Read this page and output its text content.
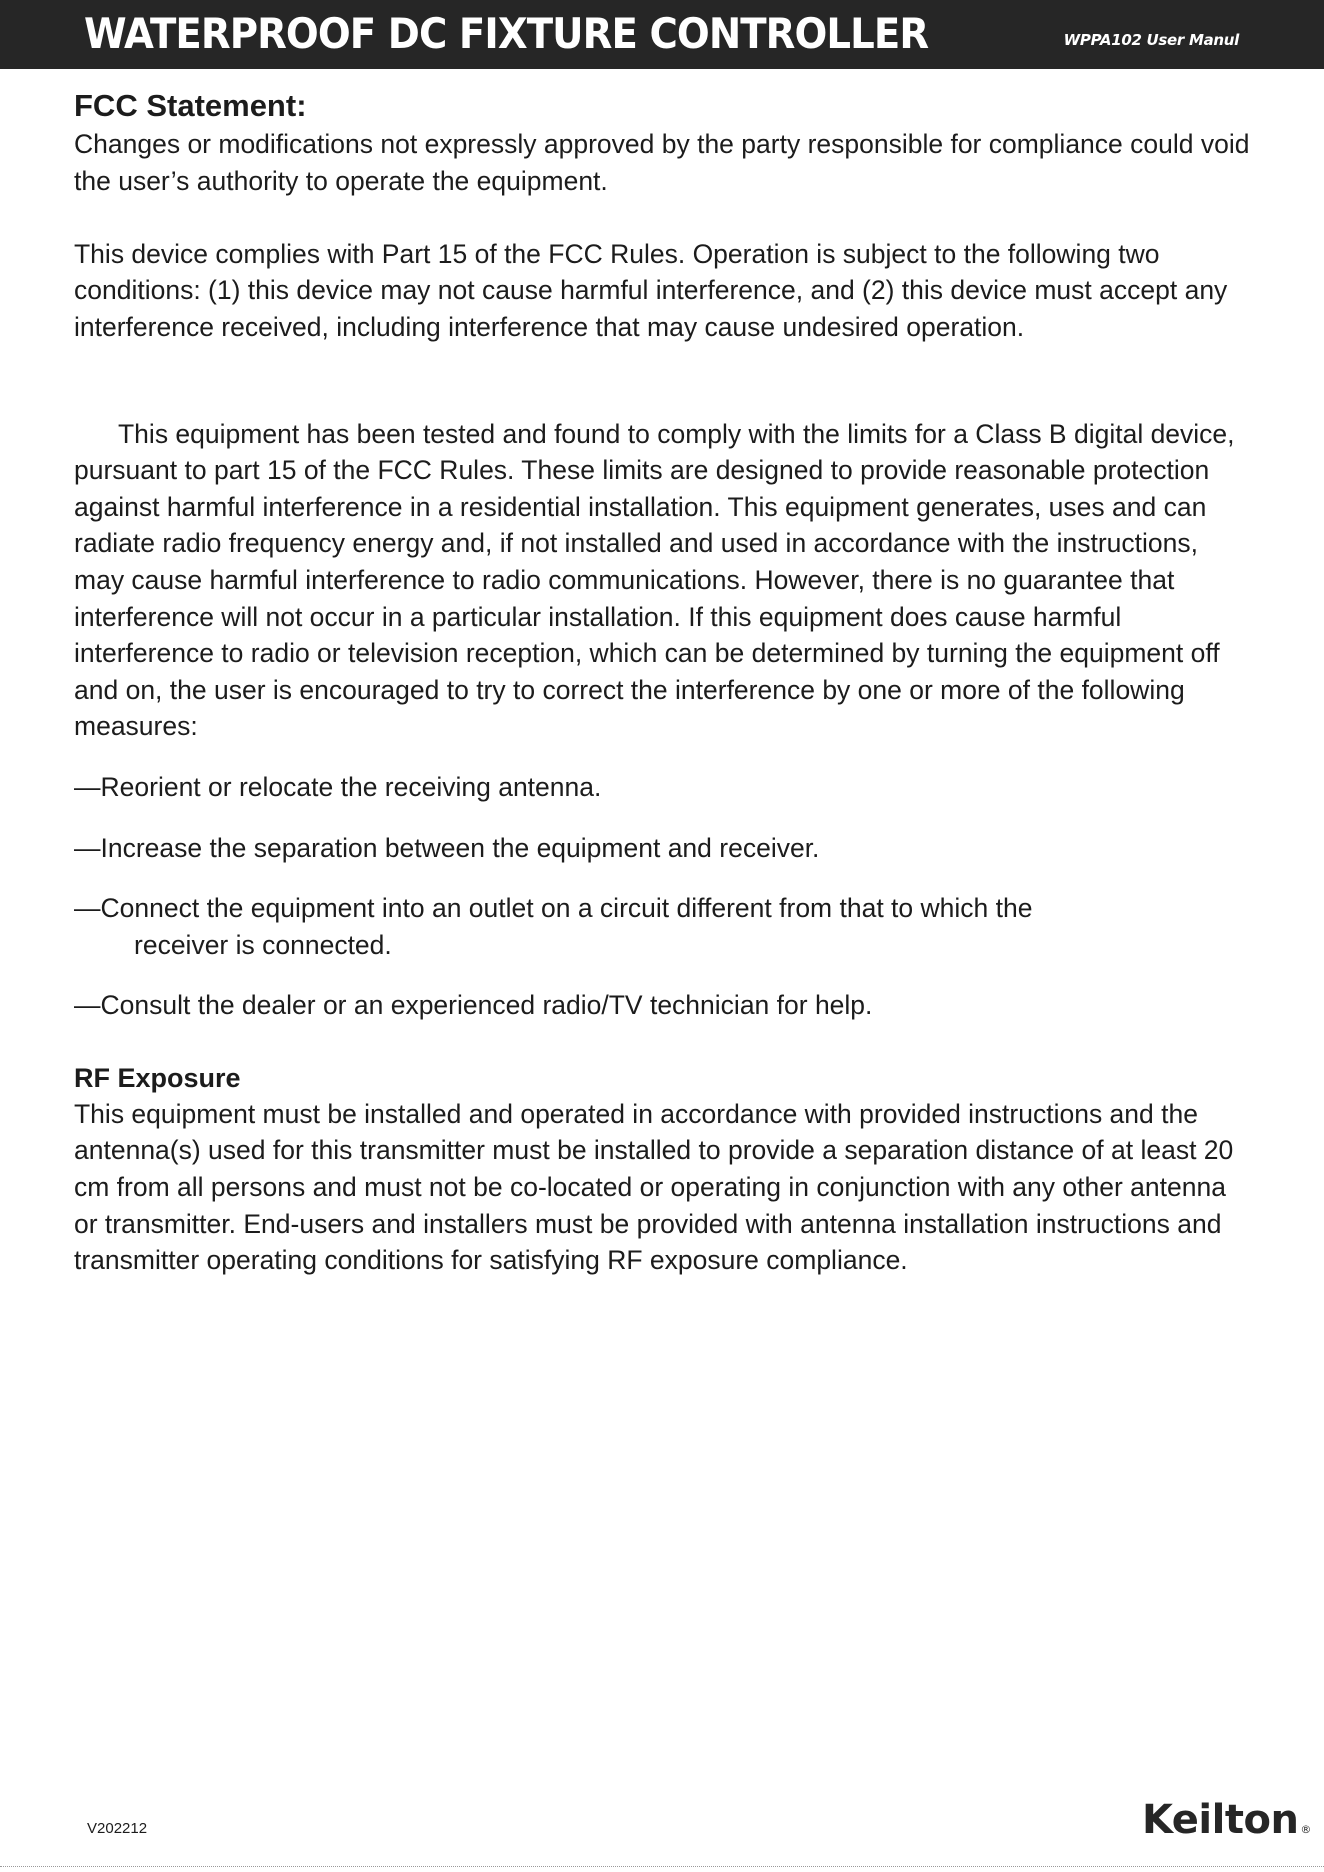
WATERPROOF DC FIXTURE CONTROLLER	WPPA102 User Manul
FCC Statement:

Changes or modifications not expressly approved by the party responsible for compliance could void the user’s authority to operate the equipment.

This device complies with Part 15 of the FCC Rules. Operation is subject to the following two conditions: (1) this device may not cause harmful interference, and (2) this device must accept any interference received, including interference that may cause undesired operation.

This equipment has been tested and found to comply with the limits for a Class B digital device, pursuant to part 15 of the FCC Rules. These limits are designed to provide reasonable protection against harmful interference in a residential installation. This equipment generates, uses and can radiate radio frequency energy and, if not installed and used in accordance with the instructions, may cause harmful interference to radio communications. However, there is no guarantee that interference will not occur in a particular installation. If this equipment does cause harmful interference to radio or television reception, which can be determined by turning the equipment off and on, the user is encouraged to try to correct the interference by one or more of the following measures:

—Reorient or relocate the receiving antenna.

—Increase the separation between the equipment and receiver.

—Connect the equipment into an outlet on a circuit different from that to which the
receiver is connected.

—Consult the dealer or an experienced radio/TV technician for help.

RF Exposure

This equipment must be installed and operated in accordance with provided instructions and the antenna(s) used for this transmitter must be installed to provide a separation distance of at least 20 cm from all persons and must not be co-located or operating in conjunction with any other antenna or transmitter. End-users and installers must be provided with antenna installation instructions and transmitter operating conditions for satisfying RF exposure compliance.

V202212	Keilton ®
